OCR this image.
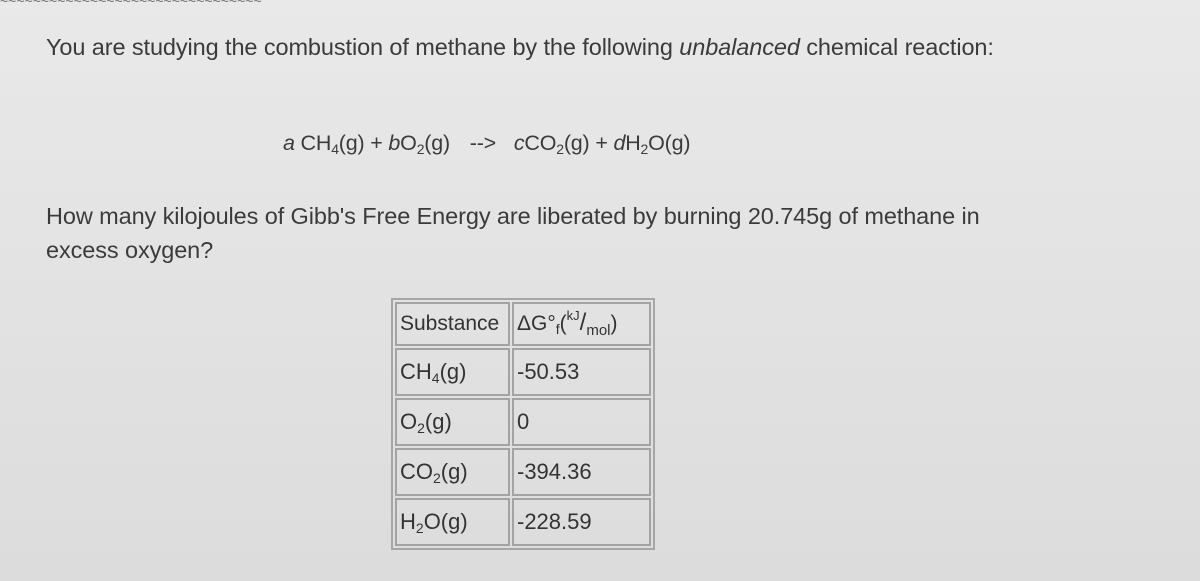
~~~~~~~~~~~~~~~~~~~~~~~~~~~~~~~~

You are studying the combustion of methane by the following unbalanced chemical reaction:

a $CH_4(g) + bO_2(g)$ --> $cCO_2(g) + dH_2O(g)$

How many kilojoules of Gibb's Free Energy are liberated by burning 20.745g of methane in excess oxygen?

Substance	$\Delta G^\circ_f(^{kJ}/_{mol})$
$CH_4(g)$	-50.53
$O_2(g)$	0
$CO_2(g)$	-394.36
$H_2O(g)$	-228.59
